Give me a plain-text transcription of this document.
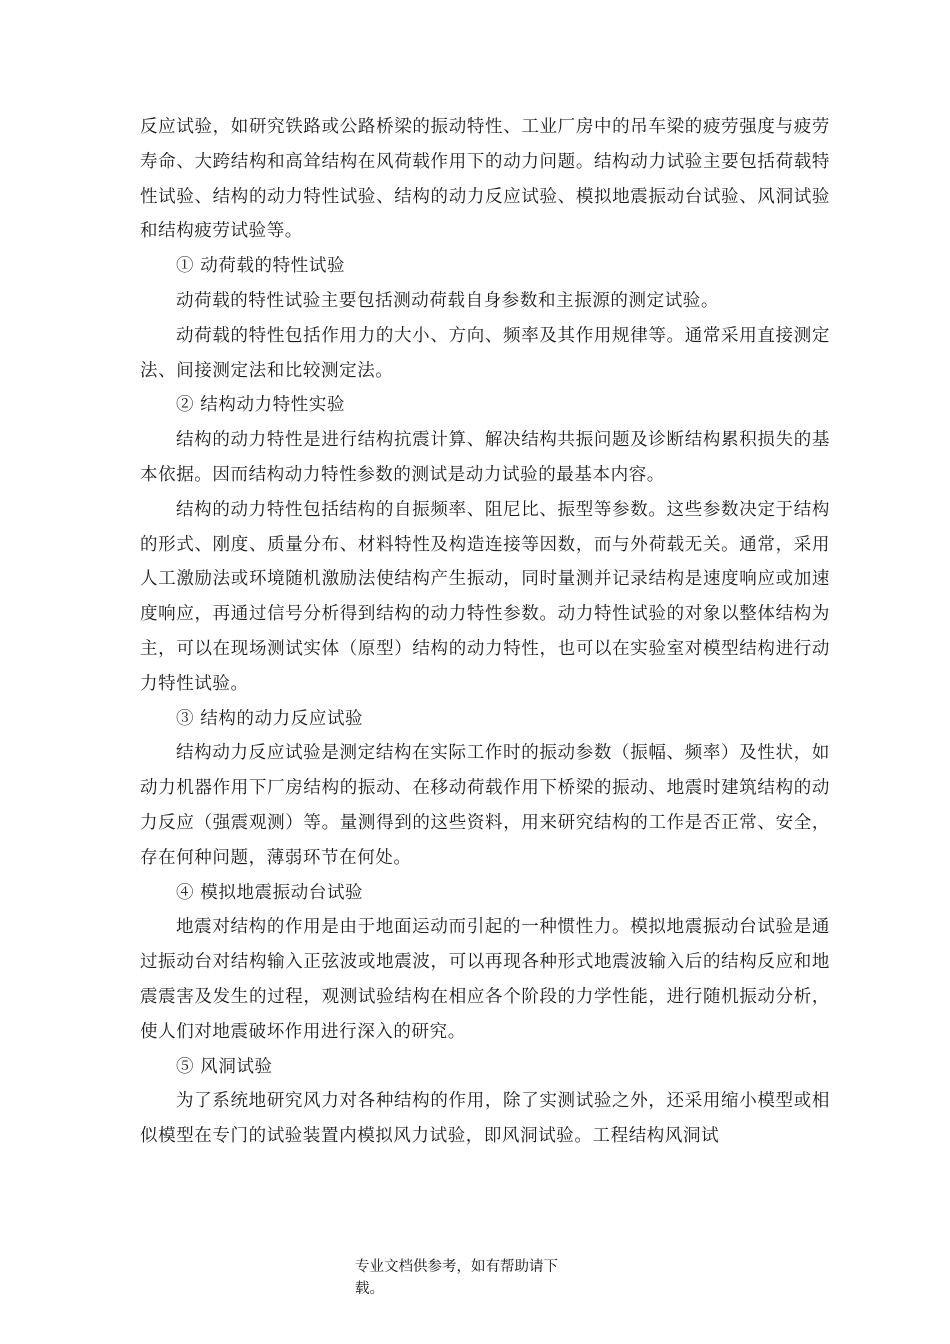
反应试验，如研究铁路或公路桥梁的振动特性、工业厂房中的吊车梁的疲劳强度与疲劳寿命、大跨结构和高耸结构在风荷载作用下的动力问题。结构动力试验主要包括荷载特性试验、结构的动力特性试验、结构的动力反应试验、模拟地震振动台试验、风洞试验和结构疲劳试验等。

① 动荷载的特性试验

动荷载的特性试验主要包括测动荷载自身参数和主振源的测定试验。

动荷载的特性包括作用力的大小、方向、频率及其作用规律等。通常采用直接测定法、间接测定法和比较测定法。

② 结构动力特性实验

结构的动力特性是进行结构抗震计算、解决结构共振问题及诊断结构累积损失的基本依据。因而结构动力特性参数的测试是动力试验的最基本内容。

结构的动力特性包括结构的自振频率、阻尼比、振型等参数。这些参数决定于结构的形式、刚度、质量分布、材料特性及构造连接等因数，而与外荷载无关。通常，采用人工激励法或环境随机激励法使结构产生振动，同时量测并记录结构是速度响应或加速度响应，再通过信号分析得到结构的动力特性参数。动力特性试验的对象以整体结构为主，可以在现场测试实体（原型）结构的动力特性，也可以在实验室对模型结构进行动力特性试验。

③ 结构的动力反应试验

结构动力反应试验是测定结构在实际工作时的振动参数（振幅、频率）及性状，如动力机器作用下厂房结构的振动、在移动荷载作用下桥梁的振动、地震时建筑结构的动力反应（强震观测）等。量测得到的这些资料，用来研究结构的工作是否正常、安全，存在何种问题，薄弱环节在何处。

④ 模拟地震振动台试验

地震对结构的作用是由于地面运动而引起的一种惯性力。模拟地震振动台试验是通过振动台对结构输入正弦波或地震波，可以再现各种形式地震波输入后的结构反应和地震震害及发生的过程，观测试验结构在相应各个阶段的力学性能，进行随机振动分析，使人们对地震破坏作用进行深入的研究。

⑤ 风洞试验

为了系统地研究风力对各种结构的作用，除了实测试验之外，还采用缩小模型或相似模型在专门的试验装置内模拟风力试验，即风洞试验。工程结构风洞试

专业文档供参考，如有帮助请下

载。
